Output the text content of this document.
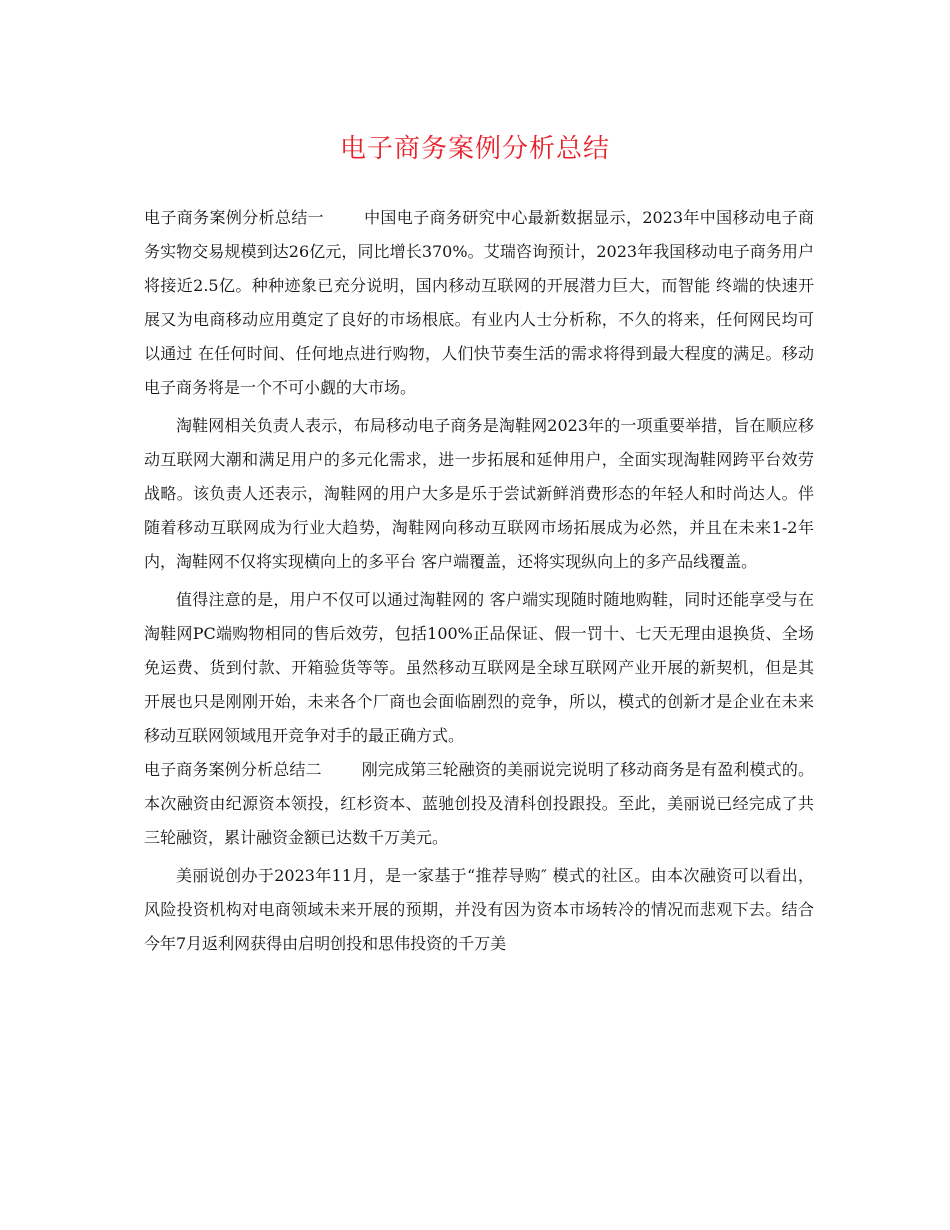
电子商务案例分析总结

电子商务案例分析总结一	中国电子商务研究中心最新数据显示，2023年中国移动电子商务实物交易规模到达26亿元，同比增长370%。艾瑞咨询预计，2023年我国移动电子商务用户将接近2.5亿。种种迹象已充分说明，国内移动互联网的开展潜力巨大，而智能 终端的快速开展又为电商移动应用奠定了良好的市场根底。有业内人士分析称，不久的将来，任何网民均可以通过 在任何时间、任何地点进行购物，人们快节奏生活的需求将得到最大程度的满足。移动电子商务将是一个不可小觑的大市场。

淘鞋网相关负责人表示，布局移动电子商务是淘鞋网2023年的一项重要举措，旨在顺应移动互联网大潮和满足用户的多元化需求，进一步拓展和延伸用户，全面实现淘鞋网跨平台效劳战略。该负责人还表示，淘鞋网的用户大多是乐于尝试新鲜消费形态的年轻人和时尚达人。伴随着移动互联网成为行业大趋势，淘鞋网向移动互联网市场拓展成为必然，并且在未来1-2年内，淘鞋网不仅将实现横向上的多平台 客户端覆盖，还将实现纵向上的多产品线覆盖。

值得注意的是，用户不仅可以通过淘鞋网的 客户端实现随时随地购鞋，同时还能享受与在淘鞋网PC端购物相同的售后效劳，包括100%正品保证、假一罚十、七天无理由退换货、全场免运费、货到付款、开箱验货等等。虽然移动互联网是全球互联网产业开展的新契机，但是其开展也只是刚刚开始，未来各个厂商也会面临剧烈的竞争，所以，模式的创新才是企业在未来移动互联网领域甩开竞争对手的最正确方式。

电子商务案例分析总结二	刚完成第三轮融资的美丽说完说明了移动商务是有盈利模式的。本次融资由纪源资本领投，红杉资本、蓝驰创投及清科创投跟投。至此，美丽说已经完成了共三轮融资，累计融资金额已达数千万美元。

美丽说创办于2023年11月，是一家基于“推荐导购″ 模式的社区。由本次融资可以看出，风险投资机构对电商领域未来开展的预期，并没有因为资本市场转冷的情况而悲观下去。结合今年7月返利网获得由启明创投和思伟投资的千万美
